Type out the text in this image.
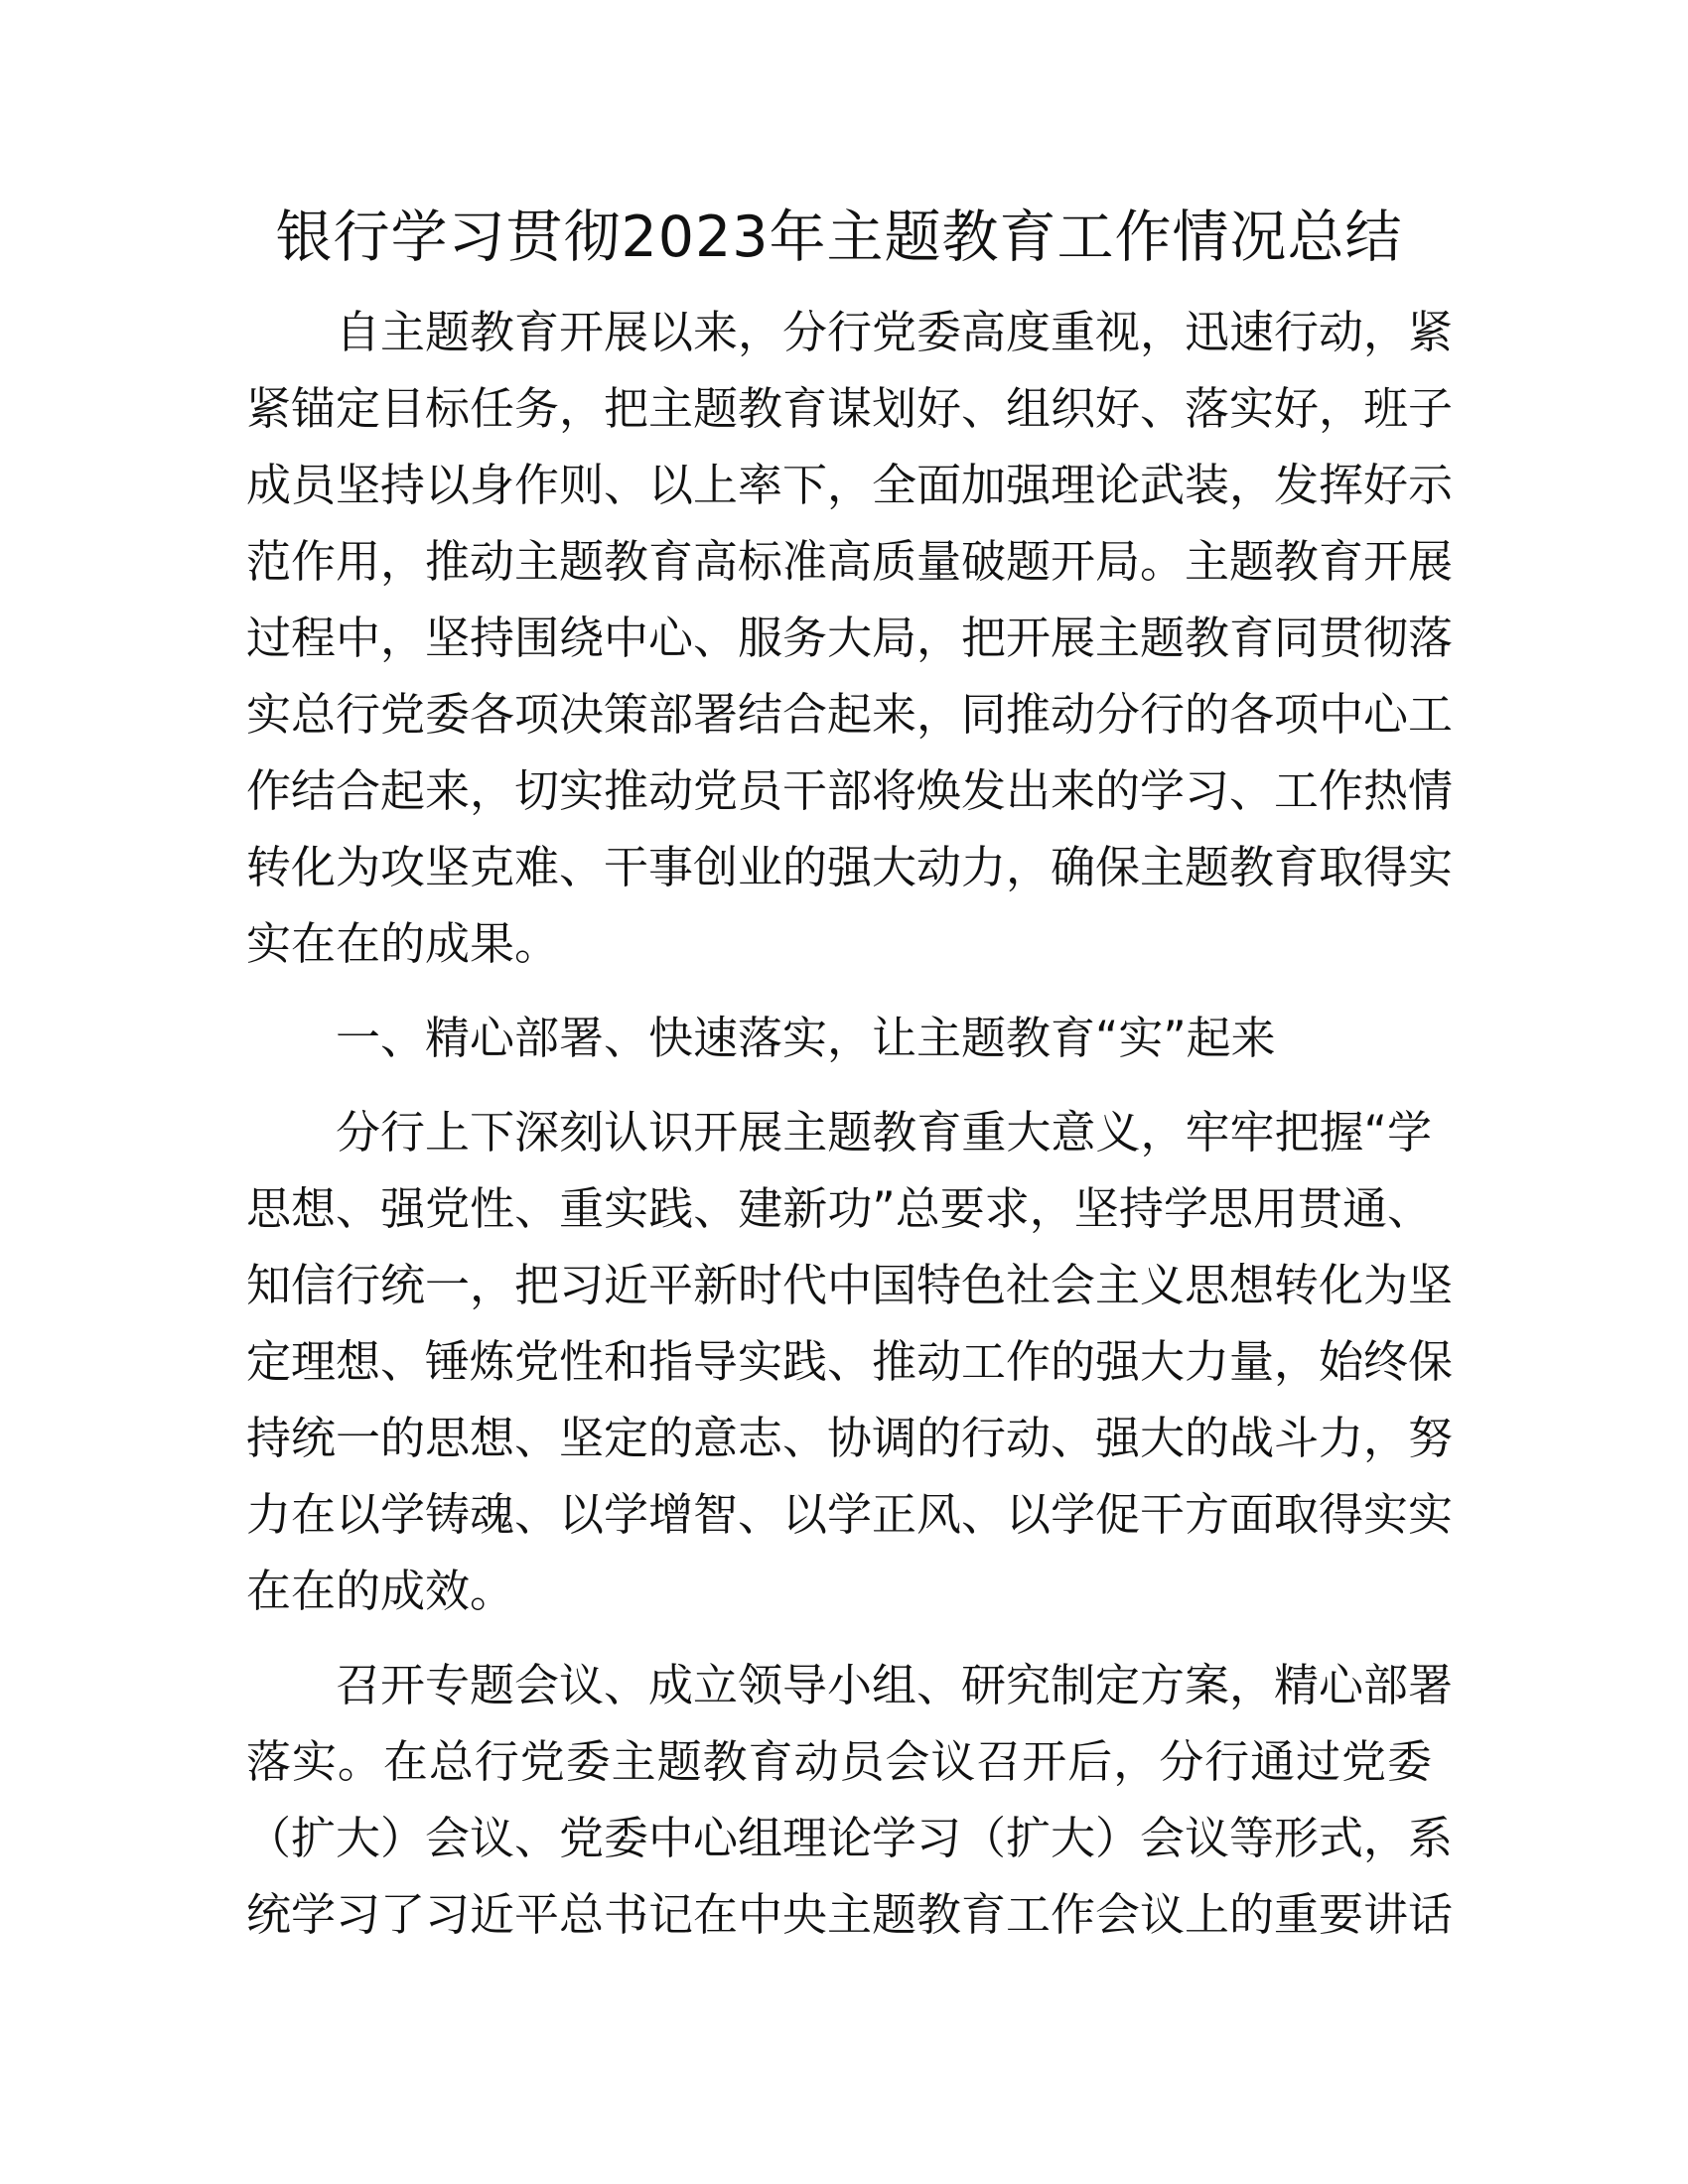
银行学习贯彻2023年主题教育工作情况总结

自主题教育开展以来，分行党委高度重视，迅速行动，紧
紧锚定目标任务，把主题教育谋划好、组织好、落实好，班子
成员坚持以身作则、以上率下，全面加强理论武装，发挥好示
范作用，推动主题教育高标准高质量破题开局。主题教育开展
过程中，坚持围绕中心、服务大局，把开展主题教育同贯彻落
实总行党委各项决策部署结合起来，同推动分行的各项中心工
作结合起来，切实推动党员干部将焕发出来的学习、工作热情
转化为攻坚克难、干事创业的强大动力，确保主题教育取得实
实在在的成果。

一、精心部署、快速落实，让主题教育“实”起来

分行上下深刻认识开展主题教育重大意义，牢牢把握“学
思想、强党性、重实践、建新功”总要求，坚持学思用贯通、
知信行统一，把习近平新时代中国特色社会主义思想转化为坚
定理想、锤炼党性和指导实践、推动工作的强大力量，始终保
持统一的思想、坚定的意志、协调的行动、强大的战斗力，努
力在以学铸魂、以学增智、以学正风、以学促干方面取得实实
在在的成效。

召开专题会议、成立领导小组、研究制定方案，精心部署
落实。在总行党委主题教育动员会议召开后，分行通过党委
（扩大）会议、党委中心组理论学习（扩大）会议等形式，系
统学习了习近平总书记在中央主题教育工作会议上的重要讲话
